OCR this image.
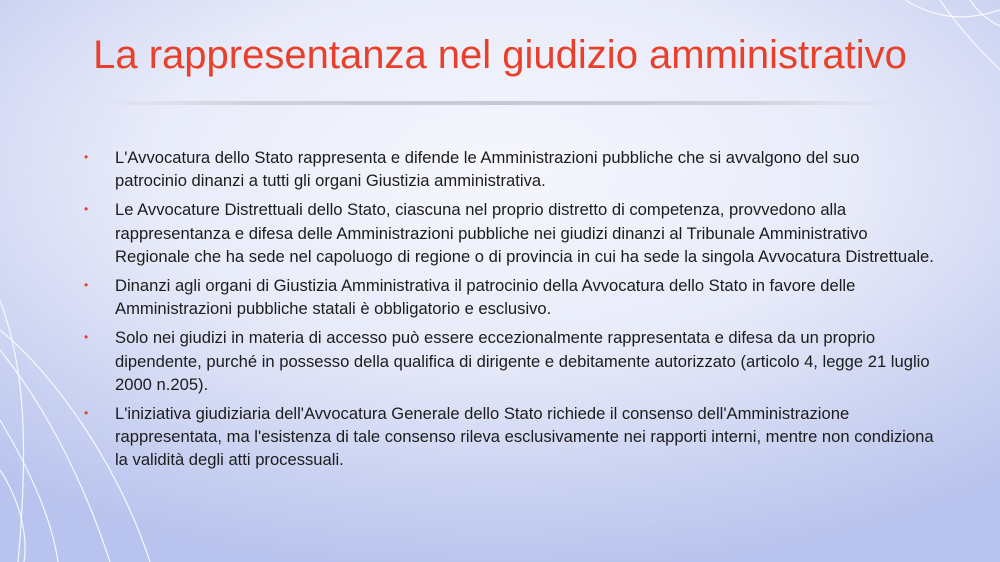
La rappresentanza nel giudizio amministrativo
• L'Avvocatura dello Stato rappresenta e difende le Amministrazioni pubbliche che si avvalgono del suo patrocinio dinanzi a tutti gli organi Giustizia amministrativa.
• Le Avvocature Distrettuali dello Stato, ciascuna nel proprio distretto di competenza, provvedono alla rappresentanza e difesa delle Amministrazioni pubbliche nei giudizi dinanzi al Tribunale Amministrativo Regionale che ha sede nel capoluogo di regione o di provincia in cui ha sede la singola Avvocatura Distrettuale.
• Dinanzi agli organi di Giustizia Amministrativa il patrocinio della Avvocatura dello Stato in favore delle Amministrazioni pubbliche statali è obbligatorio e esclusivo.
• Solo nei giudizi in materia di accesso può essere eccezionalmente rappresentata e difesa da un proprio dipendente, purché in possesso della qualifica di dirigente e debitamente autorizzato (articolo 4, legge 21 luglio 2000 n.205).
• L'iniziativa giudiziaria dell'Avvocatura Generale dello Stato richiede il consenso dell'Amministrazione rappresentata, ma l'esistenza di tale consenso rileva esclusivamente nei rapporti interni, mentre non condiziona la validità degli atti processuali.
